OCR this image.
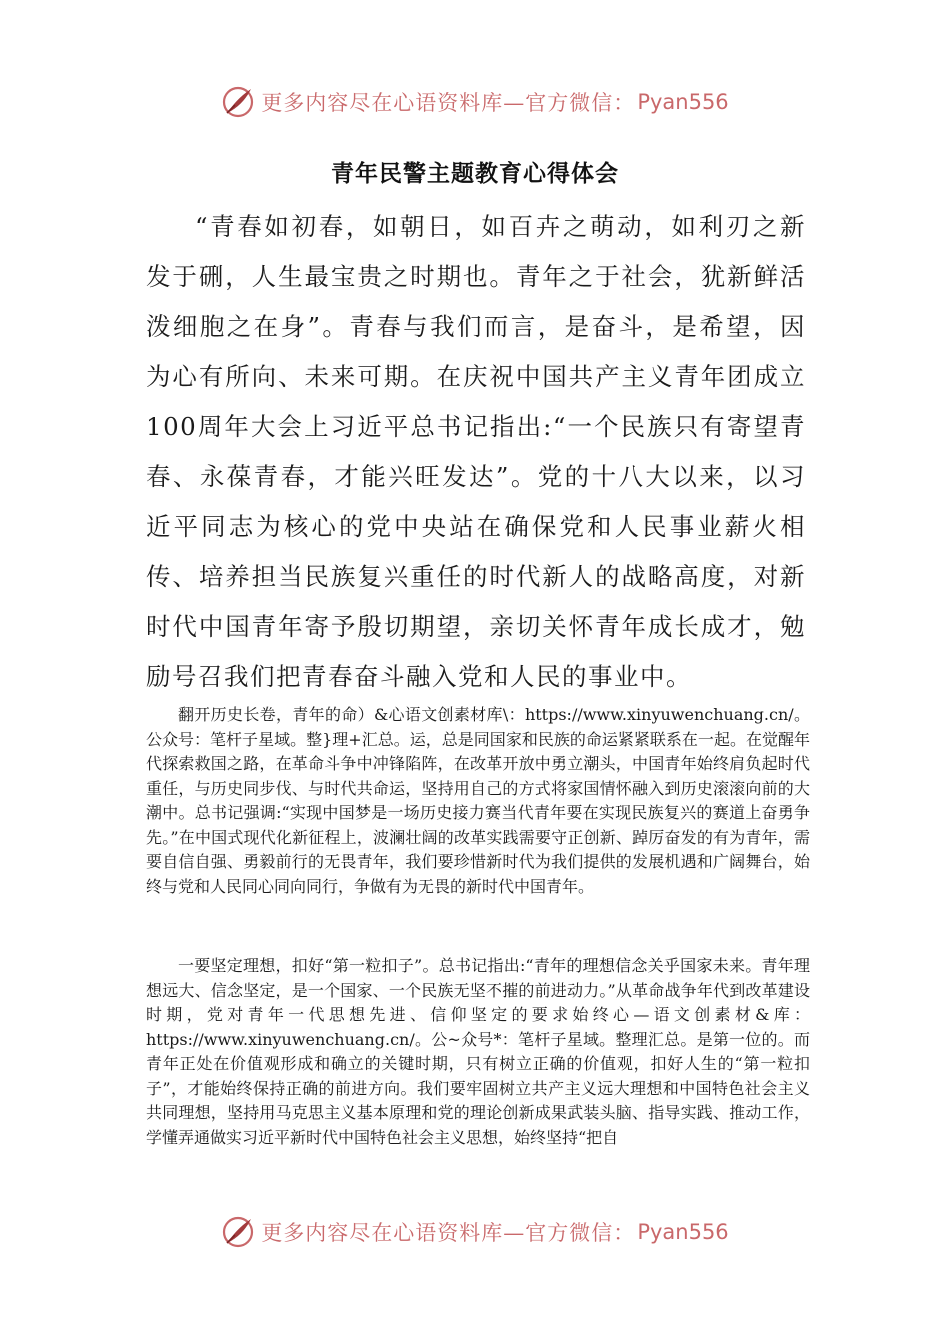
更多内容尽在心语资料库—官方微信： Pyan556
青年民警主题教育心得体会

“青春如初春，如朝日，如百卉之萌动，如利刃之新发于硎，人生最宝贵之时期也。青年之于社会，犹新鲜活泼细胞之在身”。青春与我们而言，是奋斗，是希望，因为心有所向、未来可期。在庆祝中国共产主义青年团成立100周年大会上习近平总书记指出:“一个民族只有寄望青春、永葆青春，才能兴旺发达”。党的十八大以来，以习近平同志为核心的党中央站在确保党和人民事业薪火相传、培养担当民族复兴重任的时代新人的战略高度，对新时代中国青年寄予殷切期望，亲切关怀青年成长成才，勉励号召我们把青春奋斗融入党和人民的事业中。

翻开历史长卷，青年的命）&心语文创素材库\：https://www.xinyuwenchuang.cn/。公众号：笔杆子星域。整}理+汇总。运，总是同国家和民族的命运紧紧联系在一起。在觉醒年代探索救国之路，在革命斗争中冲锋陷阵，在改革开放中勇立潮头，中国青年始终肩负起时代重任，与历史同步伐、与时代共命运，坚持用自己的方式将家国情怀融入到历史滚滚向前的大潮中。总书记强调:“实现中国梦是一场历史接力赛当代青年要在实现民族复兴的赛道上奋勇争先。”在中国式现代化新征程上，波澜壮阔的改革实践需要守正创新、踔厉奋发的有为青年，需要自信自强、勇毅前行的无畏青年，我们要珍惜新时代为我们提供的发展机遇和广阔舞台，始终与党和人民同心同向同行，争做有为无畏的新时代中国青年。

一要坚定理想，扣好“第一粒扣子”。总书记指出:“青年的理想信念关乎国家未来。青年理想远大、信念坚定，是一个国家、一个民族无坚不摧的前进动力。”从革命战争年代到改革建设时期，党对青年一代思想先进、信仰坚定的要求始终心—语文创素材&库：https://www.xinyuwenchuang.cn/。公~众号*：笔杆子星域。整理汇总。是第一位的。而青年正处在价值观形成和确立的关键时期，只有树立正确的价值观，扣好人生的“第一粒扣子”，才能始终保持正确的前进方向。我们要牢固树立共产主义远大理想和中国特色社会主义共同理想，坚持用马克思主义基本原理和党的理论创新成果武装头脑、指导实践、推动工作，学懂弄通做实习近平新时代中国特色社会主义思想，始终坚持“把自

更多内容尽在心语资料库—官方微信： Pyan556
